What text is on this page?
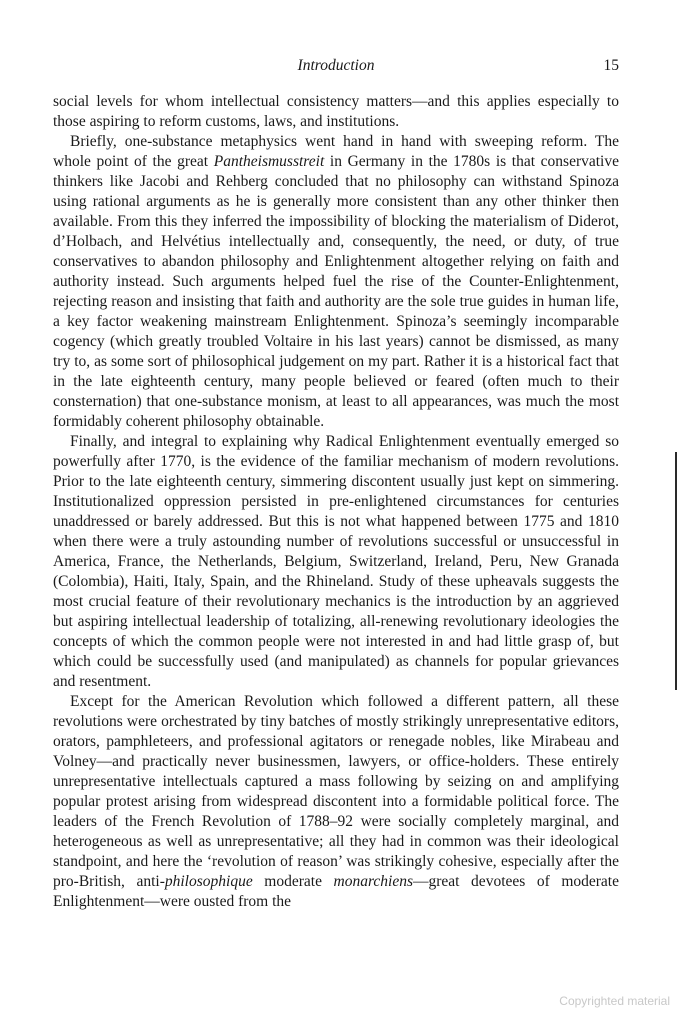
Introduction	15

social levels for whom intellectual consistency matters—and this applies especially to those aspiring to reform customs, laws, and institutions.

Briefly, one-substance metaphysics went hand in hand with sweeping reform. The whole point of the great Pantheismusstreit in Germany in the 1780s is that conservative thinkers like Jacobi and Rehberg concluded that no philosophy can withstand Spinoza using rational arguments as he is generally more consistent than any other thinker then available. From this they inferred the impossibility of blocking the materialism of Diderot, d’Holbach, and Helvétius intellectually and, consequently, the need, or duty, of true conservatives to abandon philosophy and Enlightenment altogether relying on faith and authority instead. Such arguments helped fuel the rise of the Counter-Enlightenment, rejecting reason and insisting that faith and authority are the sole true guides in human life, a key factor weakening mainstream Enlightenment. Spinoza’s seemingly incomparable cogency (which greatly troubled Voltaire in his last years) cannot be dismissed, as many try to, as some sort of philosophical judgement on my part. Rather it is a historical fact that in the late eighteenth century, many people believed or feared (often much to their consternation) that one-substance monism, at least to all appearances, was much the most formidably coherent philosophy obtainable.

Finally, and integral to explaining why Radical Enlightenment eventually emerged so powerfully after 1770, is the evidence of the familiar mechanism of modern revolutions. Prior to the late eighteenth century, simmering discontent usually just kept on simmering. Institutionalized oppression persisted in pre-enlightened circumstances for centuries unaddressed or barely addressed. But this is not what happened between 1775 and 1810 when there were a truly astounding number of revolutions successful or unsuccessful in America, France, the Netherlands, Belgium, Switzerland, Ireland, Peru, New Granada (Colombia), Haiti, Italy, Spain, and the Rhineland. Study of these upheavals suggests the most crucial feature of their revolutionary mechanics is the introduction by an aggrieved but aspiring intellectual leadership of totalizing, all-renewing revolutionary ideologies the concepts of which the common people were not interested in and had little grasp of, but which could be successfully used (and manipulated) as channels for popular grievances and resentment.

Except for the American Revolution which followed a different pattern, all these revolutions were orchestrated by tiny batches of mostly strikingly unrepresentative editors, orators, pamphleteers, and professional agitators or renegade nobles, like Mirabeau and Volney—and practically never businessmen, lawyers, or office-holders. These entirely unrepresentative intellectuals captured a mass following by seizing on and amplifying popular protest arising from widespread discontent into a formidable political force. The leaders of the French Revolution of 1788–92 were socially completely marginal, and heterogeneous as well as unrepresentative; all they had in common was their ideological standpoint, and here the ‘revolution of reason’ was strikingly cohesive, especially after the pro-British, anti-philosophique moderate monarchiens—great devotees of moderate Enlightenment—were ousted from the

Copyrighted material
